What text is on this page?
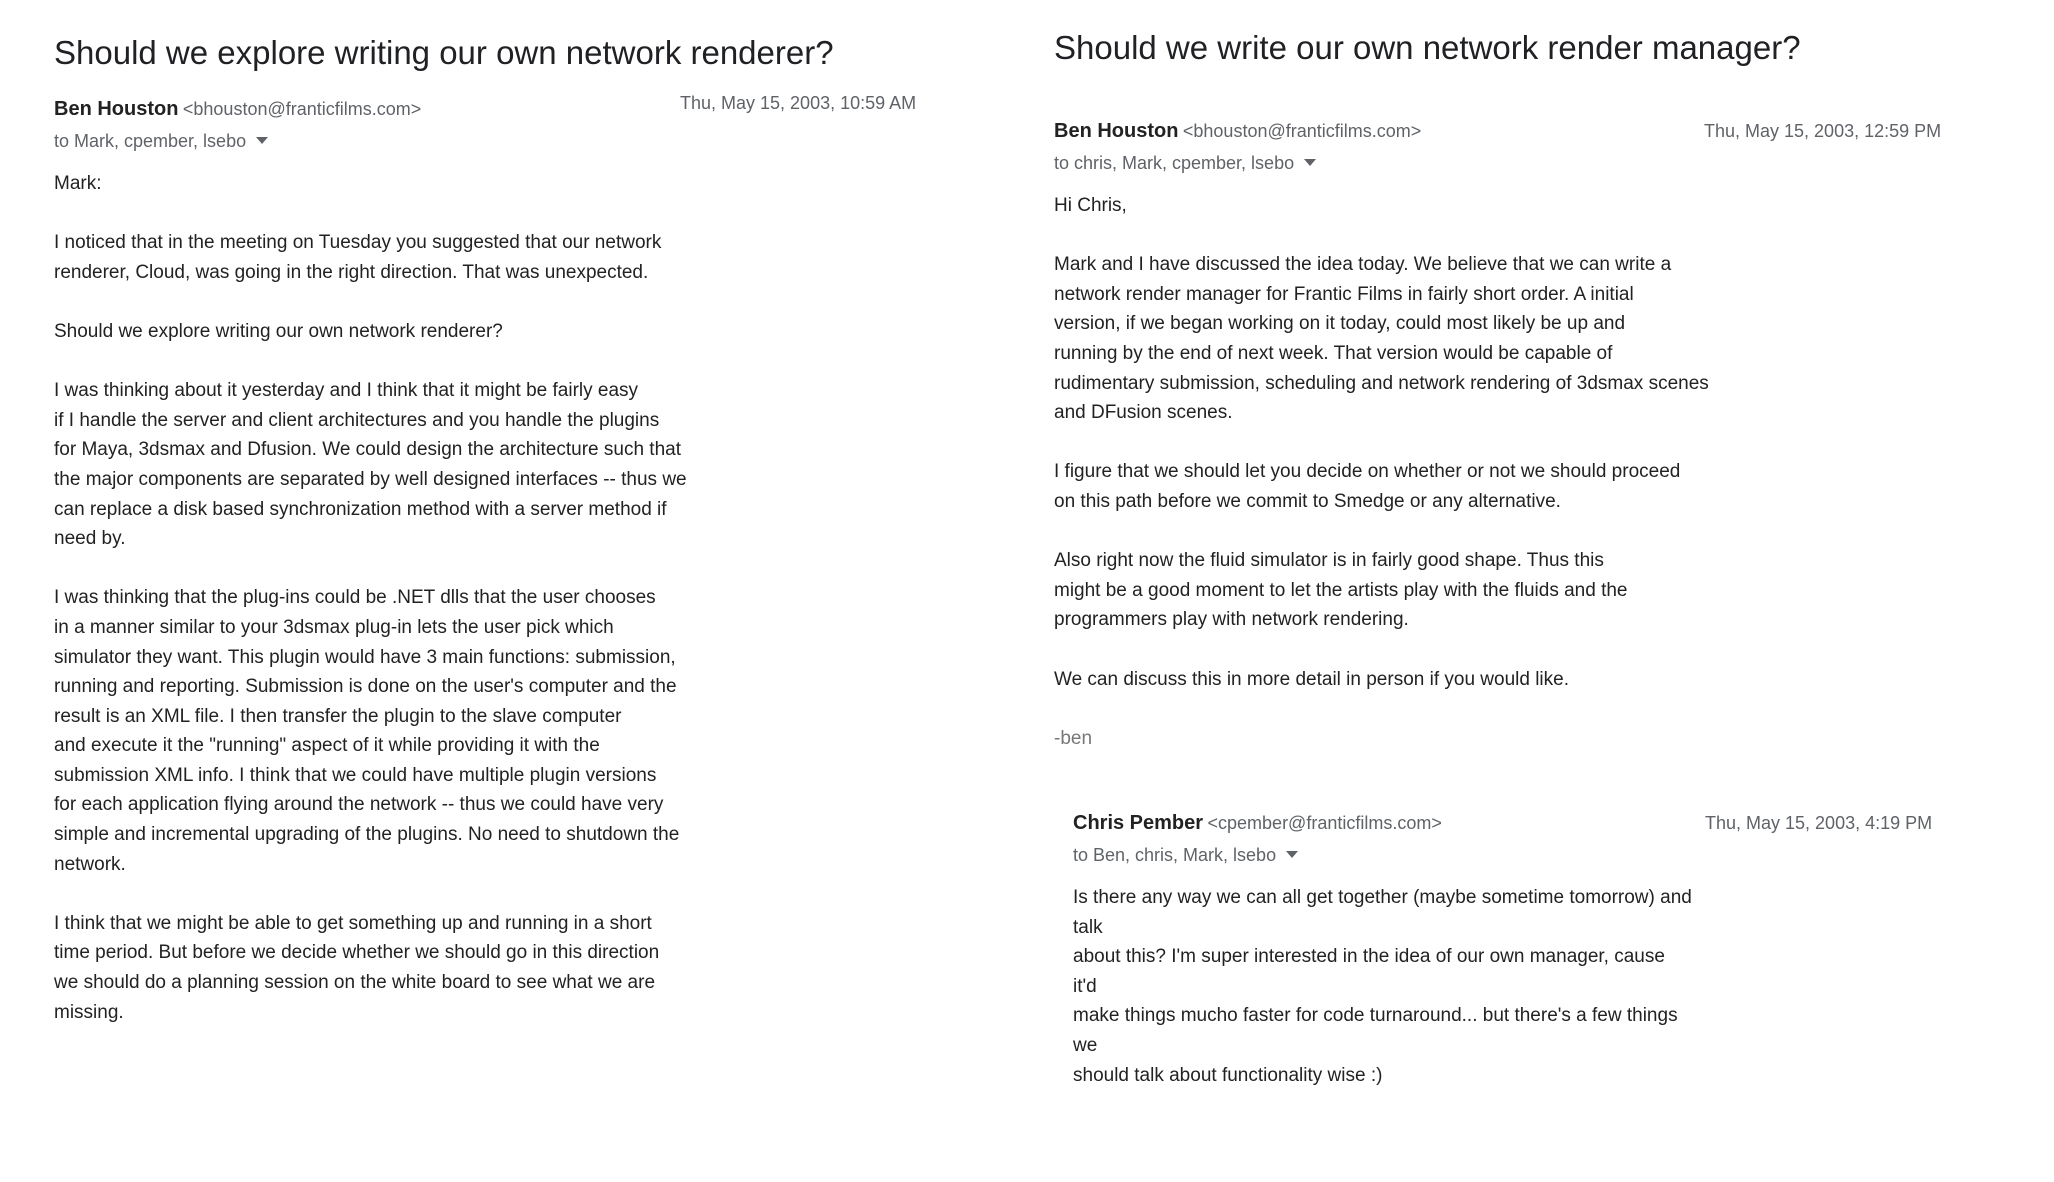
Should we explore writing our own network renderer?
Ben Houston <bhouston@franticfilms.com>	Thu, May 15, 2003, 10:59 AM
to Mark, cpember, lsebo

Mark:

I noticed that in the meeting on Tuesday you suggested that our network
renderer, Cloud, was going in the right direction. That was unexpected.

Should we explore writing our own network renderer?

I was thinking about it yesterday and I think that it might be fairly easy
if I handle the server and client architectures and you handle the plugins
for Maya, 3dsmax and Dfusion. We could design the architecture such that
the major components are separated by well designed interfaces -- thus we
can replace a disk based synchronization method with a server method if
need by.

I was thinking that the plug-ins could be .NET dlls that the user chooses
in a manner similar to your 3dsmax plug-in lets the user pick which
simulator they want. This plugin would have 3 main functions: submission,
running and reporting. Submission is done on the user's computer and the
result is an XML file. I then transfer the plugin to the slave computer
and execute it the "running" aspect of it while providing it with the
submission XML info. I think that we could have multiple plugin versions
for each application flying around the network -- thus we could have very
simple and incremental upgrading of the plugins. No need to shutdown the
network.

I think that we might be able to get something up and running in a short
time period. But before we decide whether we should go in this direction
we should do a planning session on the white board to see what we are
missing.

Should we write our own network render manager?
Ben Houston <bhouston@franticfilms.com>	Thu, May 15, 2003, 12:59 PM
to chris, Mark, cpember, lsebo

Hi Chris,

Mark and I have discussed the idea today. We believe that we can write a
network render manager for Frantic Films in fairly short order. A initial
version, if we began working on it today, could most likely be up and
running by the end of next week. That version would be capable of
rudimentary submission, scheduling and network rendering of 3dsmax scenes
and DFusion scenes.

I figure that we should let you decide on whether or not we should proceed
on this path before we commit to Smedge or any alternative.

Also right now the fluid simulator is in fairly good shape. Thus this
might be a good moment to let the artists play with the fluids and the
programmers play with network rendering.

We can discuss this in more detail in person if you would like.

-ben

Chris Pember <cpember@franticfilms.com>	Thu, May 15, 2003, 4:19 PM
to Ben, chris, Mark, lsebo

Is there any way we can all get together (maybe sometime tomorrow) and
talk
about this? I'm super interested in the idea of our own manager, cause
it'd
make things mucho faster for code turnaround... but there's a few things
we
should talk about functionality wise :)
